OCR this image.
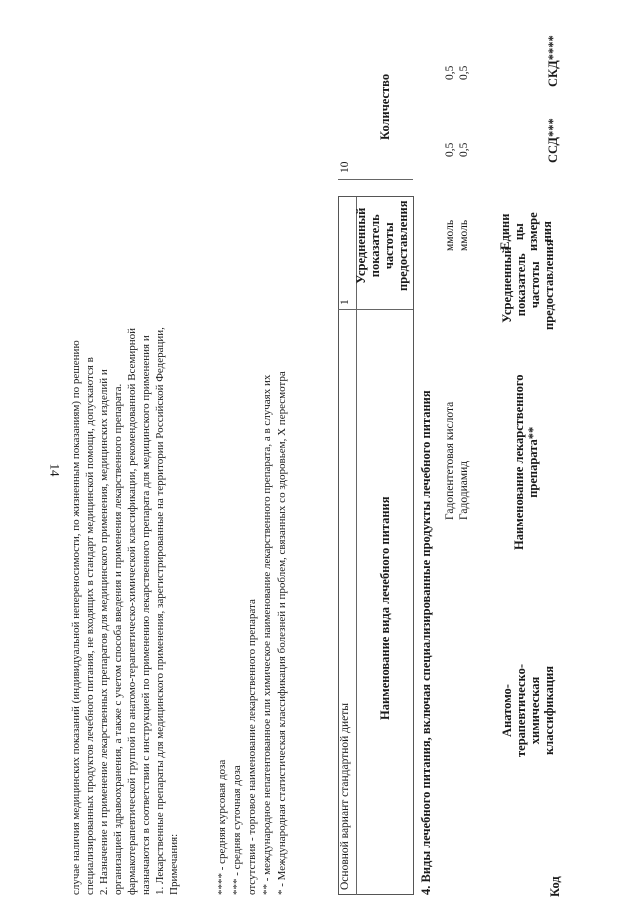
14
Код
Анатомо- терапевтическо- химическая классификация
Наименование лекарственного препарата**
Усредненный показатель частоты предоставления
Едини цы измере ния
ССД***
СКД****
Гадодиамид
ммоль
0,5
0,5
Гадопентетовая кислота
ммоль
0,5
0,5
4. Виды лечебного питания, включая специализированные продукты лечебного питания
Наименование вида лечебного питания
Усредненный показатель частоты предоставления
Количество
Основной вариант стандартной диеты
1
10
* - Международная статистическая классификация болезней и проблем, связанных со здоровьем, X пересмотра
** - международное непатентованное или химическое наименование лекарственного препарата, а в случаях их
отсутствия - торговое наименование лекарственного препарата
*** - средняя суточная доза
**** - средняя курсовая доза
Примечания:
1. Лекарственные препараты для медицинского применения, зарегистрированные на территории Российской Федерации,
назначаются в соответствии с инструкцией по применению лекарственного препарата для медицинского применения и
фармакотерапевтической группой по анатомо-терапевтическо-химической классификации, рекомендованной Всемирной
организацией здравоохранения, а также с учетом способа введения и применения лекарственного препарата.
2. Назначение и применение лекарственных препаратов для медицинского применения, медицинских изделий и
специализированных продуктов лечебного питания, не входящих в стандарт медицинской помощи, допускаются в
случае наличия медицинских показаний (индивидуальной непереносимости, по жизненным показаниям) по решению
